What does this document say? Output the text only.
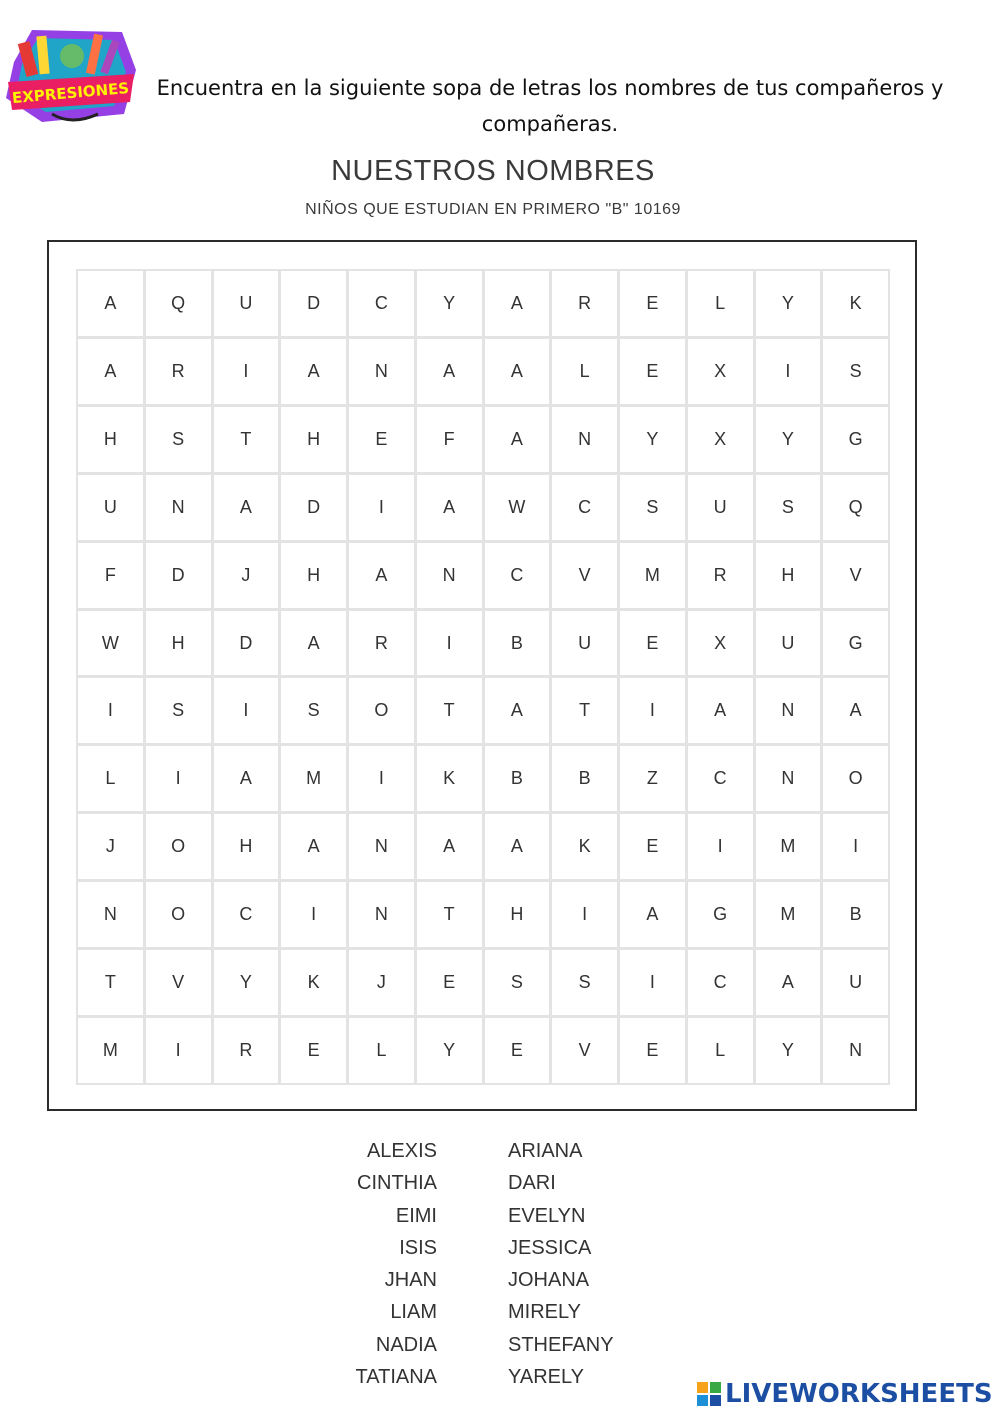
EXPRESIONES	Encuentra en la siguiente sopa de letras los nombres de tus compañeros y
compañeras.
NUESTROS NOMBRES
NIÑOS QUE ESTUDIAN EN PRIMERO "B" 10169
A	Q	U	D	C	Y	A	R	E	L	Y	K
A	R	I	A	N	A	A	L	E	X	I	S
H	S	T	H	E	F	A	N	Y	X	Y	G
U	N	A	D	I	A	W	C	S	U	S	Q
F	D	J	H	A	N	C	V	M	R	H	V
W	H	D	A	R	I	B	U	E	X	U	G
I	S	I	S	O	T	A	T	I	A	N	A
L	I	A	M	I	K	B	B	Z	C	N	O
J	O	H	A	N	A	A	K	E	I	M	I
N	O	C	I	N	T	H	I	A	G	M	B
T	V	Y	K	J	E	S	S	I	C	A	U
M	I	R	E	L	Y	E	V	E	L	Y	N
ALEXIS
CINTHIA
EIMI
ISIS
JHAN
LIAM
NADIA
TATIANA
ARIANA
DARI
EVELYN
JESSICA
JOHANA
MIRELY
STHEFANY
YARELY
LIVEWORKSHEETS
